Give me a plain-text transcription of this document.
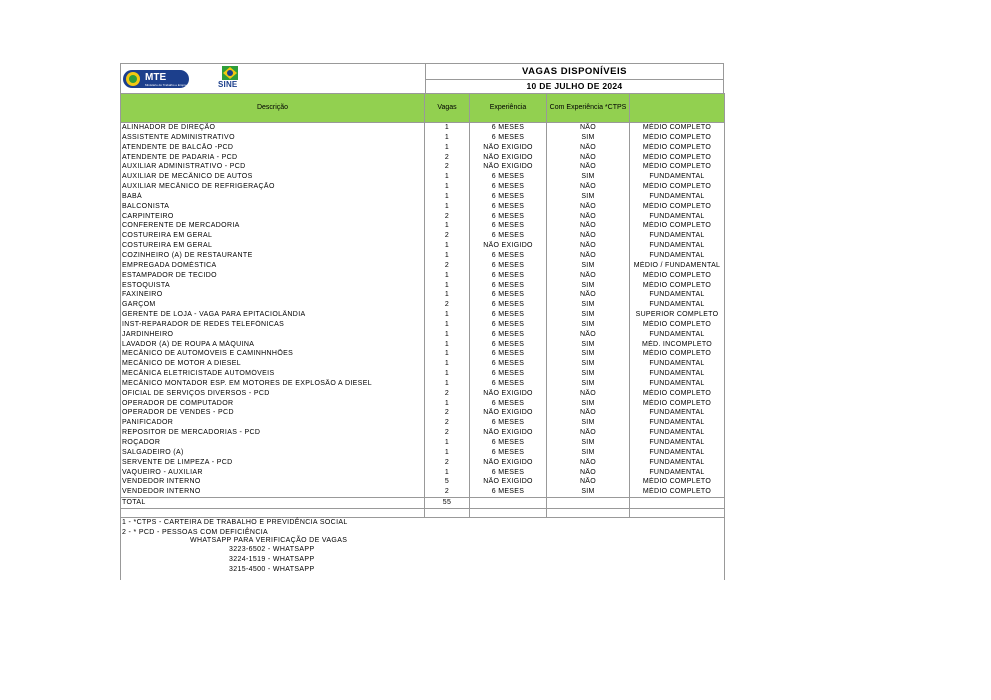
MTE
Ministério do Trabalho e Emprego	SINE
VAGAS DISPONÍVEIS
10 DE JULHO DE 2024
Descrição	Vagas	Experiência	Com Experiência *CTPS	
ALINHADOR DE DIREÇÃO	1	6 MESES	NÃO	MÉDIO COMPLETO
ASSISTENTE ADMINISTRATIVO	1	6 MESES	SIM	MÉDIO COMPLETO
ATENDENTE DE BALCÃO -PCD	1	NÃO EXIGIDO	NÃO	MÉDIO COMPLETO
ATENDENTE DE PADARIA - PCD	2	NÃO EXIGIDO	NÃO	MÉDIO COMPLETO
AUXILIAR ADMINISTRATIVO - PCD	2	NÃO EXIGIDO	NÃO	MÉDIO COMPLETO
AUXILIAR DE MECÂNICO DE AUTOS	1	6 MESES	SIM	FUNDAMENTAL
AUXILIAR MECÂNICO DE REFRIGERAÇÃO	1	6 MESES	NÃO	MÉDIO COMPLETO
BABÁ	1	6 MESES	SIM	FUNDAMENTAL
BALCONISTA	1	6 MESES	NÃO	MÉDIO COMPLETO
CARPINTEIRO	2	6 MESES	NÃO	FUNDAMENTAL
CONFERENTE DE MERCADORIA	1	6 MESES	NÃO	MÉDIO COMPLETO
COSTUREIRA EM GERAL	2	6 MESES	NÃO	FUNDAMENTAL
COSTUREIRA EM GERAL	1	NÃO EXIGIDO	NÃO	FUNDAMENTAL
COZINHEIRO (A) DE RESTAURANTE	1	6 MESES	NÃO	FUNDAMENTAL
EMPREGADA DOMÉSTICA	2	6 MESES	SIM	MÉDIO / FUNDAMENTAL
ESTAMPADOR DE TECIDO	1	6 MESES	NÃO	MÉDIO COMPLETO
ESTOQUISTA	1	6 MESES	SIM	MÉDIO COMPLETO
FAXINEIRO	1	6 MESES	NÃO	FUNDAMENTAL
GARÇOM	2	6 MESES	SIM	FUNDAMENTAL
GERENTE DE LOJA - VAGA PARA EPITACIOLÂNDIA	1	6 MESES	SIM	SUPERIOR COMPLETO
INST-REPARADOR DE REDES TELEFÔNICAS	1	6 MESES	SIM	MÉDIO COMPLETO
JARDINHEIRO	1	6 MESES	NÃO	FUNDAMENTAL
LAVADOR (A) DE ROUPA A MÁQUINA	1	6 MESES	SIM	MÉD. INCOMPLETO
MECÂNICO DE AUTOMÓVEIS E CAMINHNHÕES	1	6 MESES	SIM	MÉDIO COMPLETO
MECÂNICO DE MOTOR A DIESEL	1	6 MESES	SIM	FUNDAMENTAL
MECÂNICA ELETRICISTADE AUTOMÓVEIS	1	6 MESES	SIM	FUNDAMENTAL
MECÂNICO MONTADOR ESP. EM MOTORES DE EXPLOSÃO A DIESEL	1	6 MESES	SIM	FUNDAMENTAL
OFICIAL DE SERVIÇOS DIVERSOS - PCD	2	NÃO EXIGIDO	NÃO	MÉDIO COMPLETO
OPERADOR DE COMPUTADOR	1	6 MESES	SIM	MÉDIO COMPLETO
OPERADOR DE VENDES - PCD	2	NÃO EXIGIDO	NÃO	FUNDAMENTAL
PANIFICADOR	2	6 MESES	SIM	FUNDAMENTAL
REPOSITOR DE MERCADORIAS - PCD	2	NÃO EXIGIDO	NÃO	FUNDAMENTAL
ROÇADOR	1	6 MESES	SIM	FUNDAMENTAL
SALGADEIRO (A)	1	6 MESES	SIM	FUNDAMENTAL
SERVENTE DE LIMPEZA - PCD	2	NÃO EXIGIDO	NÃO	FUNDAMENTAL
VAQUEIRO - AUXILIAR	1	6 MESES	NÃO	FUNDAMENTAL
VENDEDOR INTERNO	5	NÃO EXIGIDO	NÃO	MÉDIO COMPLETO
VENDEDOR INTERNO	2	6 MESES	SIM	MÉDIO COMPLETO
TOTAL	55			

1 - *CTPS - CARTEIRA DE TRABALHO E PREVIDÊNCIA SOCIAL
2 - * PCD - PESSOAS COM DEFICIÊNCIA
WHATSAPP PARA VERIFICAÇÃO DE VAGAS
3223-6502 - WHATSAPP
3224-1519 - WHATSAPP
3215-4500 - WHATSAPP
